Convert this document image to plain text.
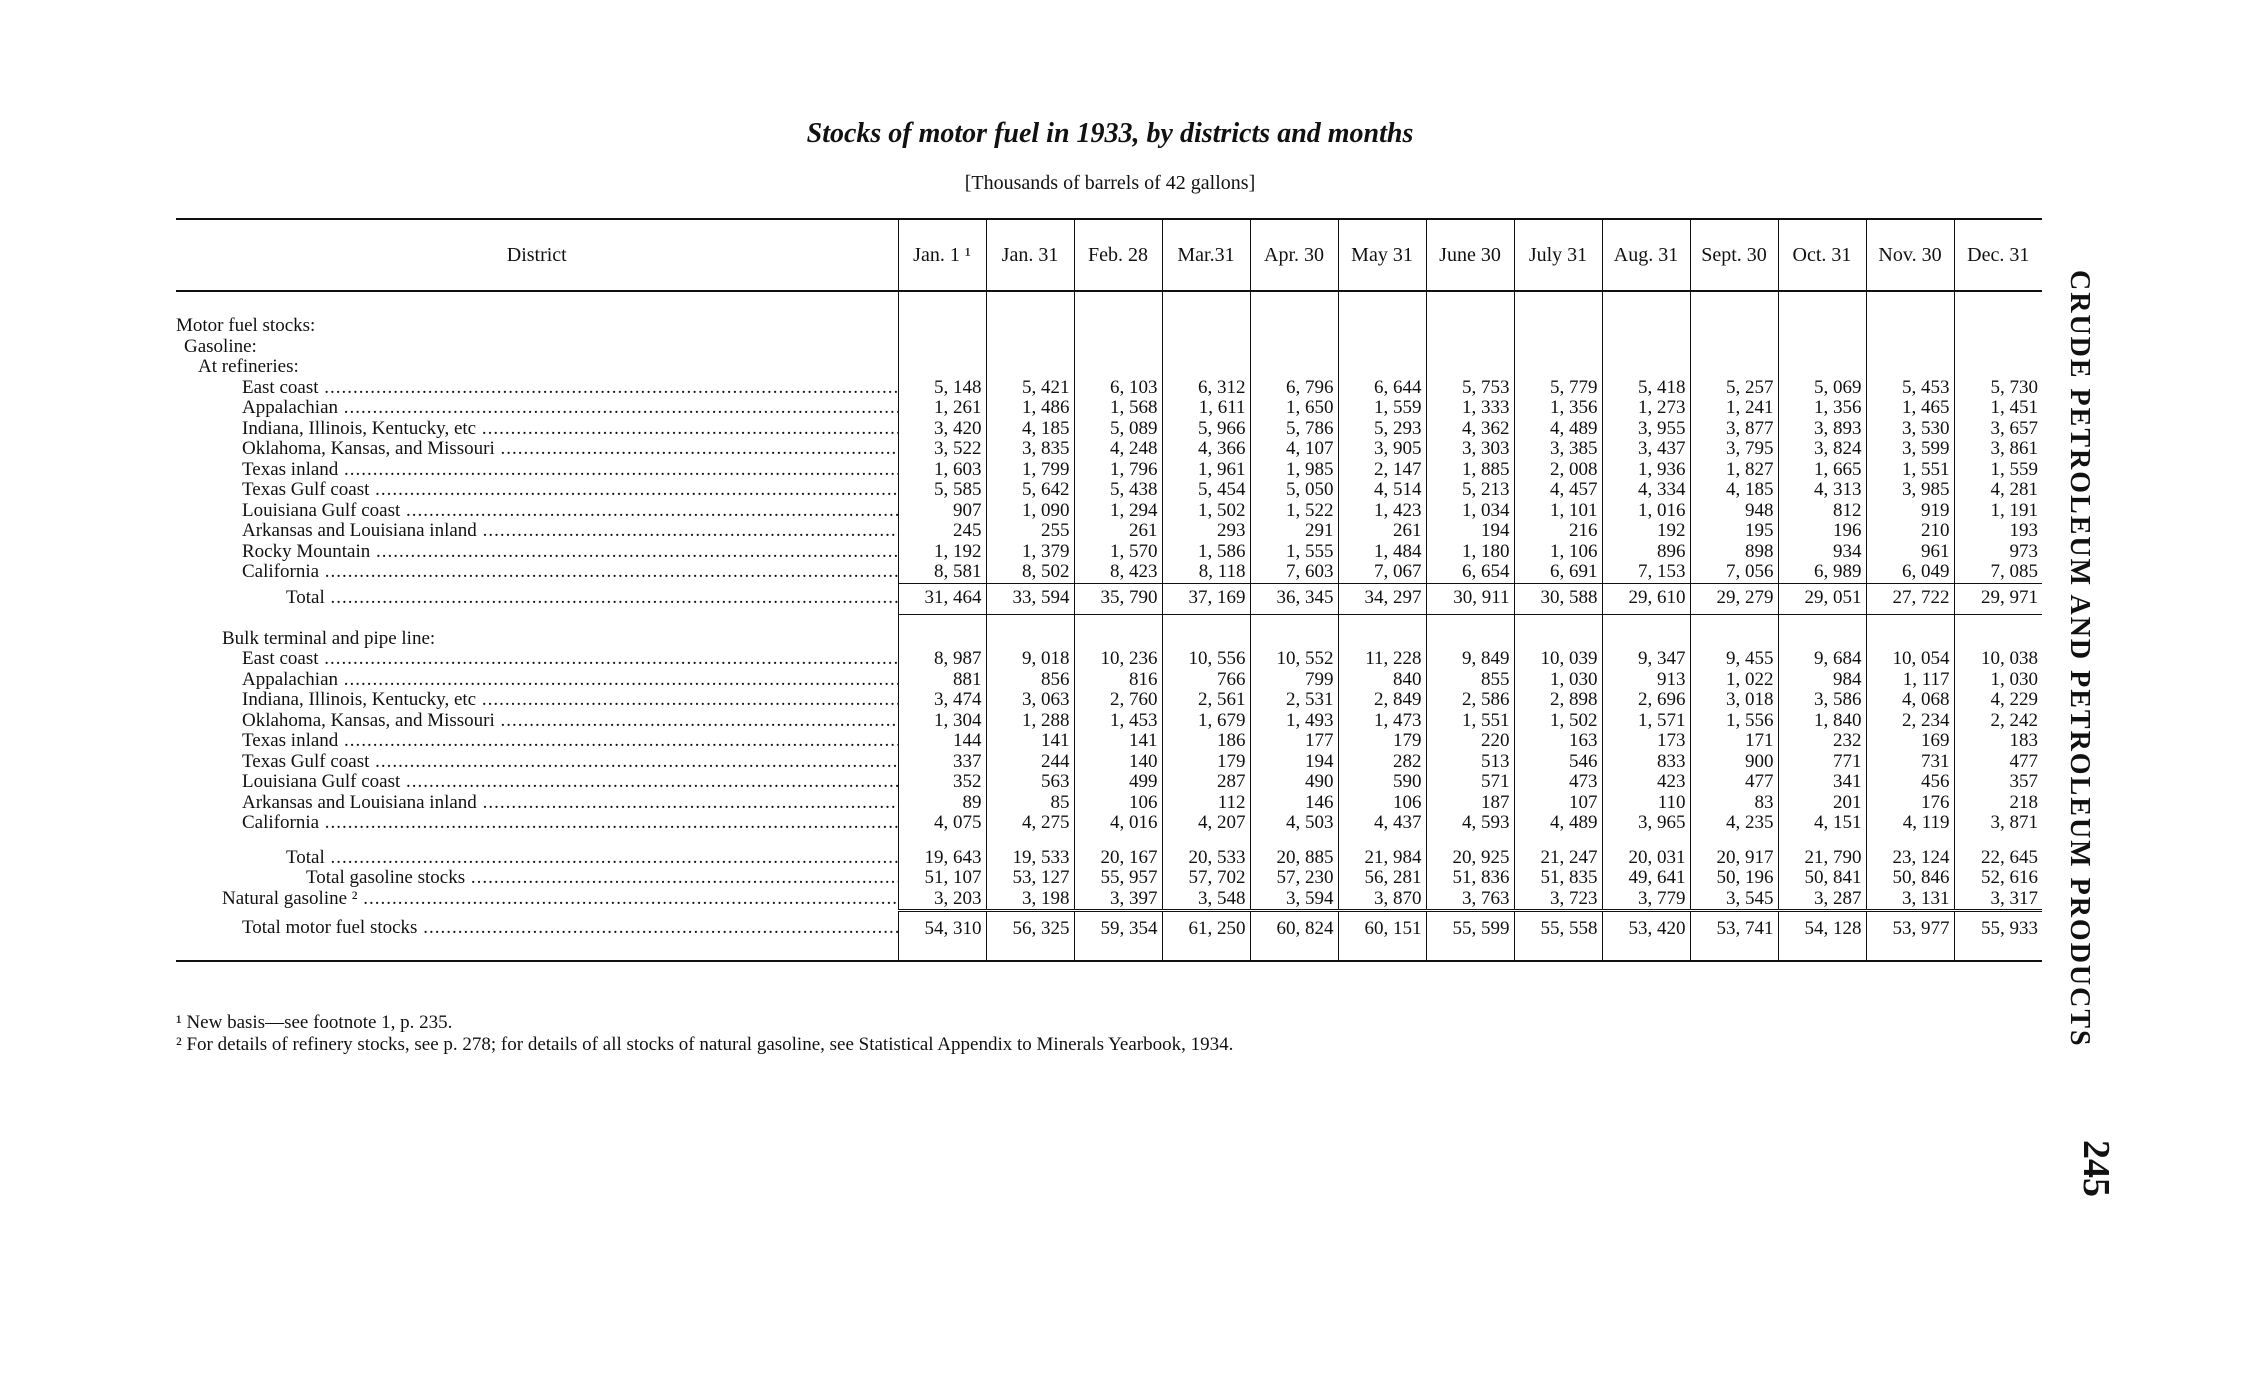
Stocks of motor fuel in 1933, by districts and months
[Thousands of barrels of 42 gallons]
District	Jan. 1 ¹	Jan. 31	Feb. 28	Mar.31	Apr. 30	May 31	June 30	July 31	Aug. 31	Sept. 30	Oct. 31	Nov. 30	Dec. 31

Motor fuel stocks:													
Gasoline:													
At refineries:													

East coast .....	5, 148	5, 421	6, 103	6, 312	6, 796	6, 644	5, 753	5, 779	5, 418	5, 257	5, 069	5, 453	5, 730

Appalachian .....	1, 261	1, 486	1, 568	1, 611	1, 650	1, 559	1, 333	1, 356	1, 273	1, 241	1, 356	1, 465	1, 451

Indiana, Illinois, Kentucky, etc .....	3, 420	4, 185	5, 089	5, 966	5, 786	5, 293	4, 362	4, 489	3, 955	3, 877	3, 893	3, 530	3, 657

Oklahoma, Kansas, and Missouri .....	3, 522	3, 835	4, 248	4, 366	4, 107	3, 905	3, 303	3, 385	3, 437	3, 795	3, 824	3, 599	3, 861

Texas inland .....	1, 603	1, 799	1, 796	1, 961	1, 985	2, 147	1, 885	2, 008	1, 936	1, 827	1, 665	1, 551	1, 559

Texas Gulf coast .....	5, 585	5, 642	5, 438	5, 454	5, 050	4, 514	5, 213	4, 457	4, 334	4, 185	4, 313	3, 985	4, 281

Louisiana Gulf coast .....	907	1, 090	1, 294	1, 502	1, 522	1, 423	1, 034	1, 101	1, 016	948	812	919	1, 191

Arkansas and Louisiana inland .....	245	255	261	293	291	261	194	216	192	195	196	210	193

Rocky Mountain .....	1, 192	1, 379	1, 570	1, 586	1, 555	1, 484	1, 180	1, 106	896	898	934	961	973

California .....	8, 581	8, 502	8, 423	8, 118	7, 603	7, 067	6, 654	6, 691	7, 153	7, 056	6, 989	6, 049	7, 085

Total .....	31, 464	33, 594	35, 790	37, 169	36, 345	34, 297	30, 911	30, 588	29, 610	29, 279	29, 051	27, 722	29, 971

Bulk terminal and pipe line:													

East coast .....	8, 987	9, 018	10, 236	10, 556	10, 552	11, 228	9, 849	10, 039	9, 347	9, 455	9, 684	10, 054	10, 038

Appalachian .....	881	856	816	766	799	840	855	1, 030	913	1, 022	984	1, 117	1, 030

Indiana, Illinois, Kentucky, etc .....	3, 474	3, 063	2, 760	2, 561	2, 531	2, 849	2, 586	2, 898	2, 696	3, 018	3, 586	4, 068	4, 229

Oklahoma, Kansas, and Missouri .....	1, 304	1, 288	1, 453	1, 679	1, 493	1, 473	1, 551	1, 502	1, 571	1, 556	1, 840	2, 234	2, 242

Texas inland .....	144	141	141	186	177	179	220	163	173	171	232	169	183

Texas Gulf coast .....	337	244	140	179	194	282	513	546	833	900	771	731	477

Louisiana Gulf coast .....	352	563	499	287	490	590	571	473	423	477	341	456	357

Arkansas and Louisiana inland .....	89	85	106	112	146	106	187	107	110	83	201	176	218

California .....	4, 075	4, 275	4, 016	4, 207	4, 503	4, 437	4, 593	4, 489	3, 965	4, 235	4, 151	4, 119	3, 871

Total .....	19, 643	19, 533	20, 167	20, 533	20, 885	21, 984	20, 925	21, 247	20, 031	20, 917	21, 790	23, 124	22, 645

Total gasoline stocks .....	51, 107	53, 127	55, 957	57, 702	57, 230	56, 281	51, 836	51, 835	49, 641	50, 196	50, 841	50, 846	52, 616

Natural gasoline ² .....	3, 203	3, 198	3, 397	3, 548	3, 594	3, 870	3, 763	3, 723	3, 779	3, 545	3, 287	3, 131	3, 317

Total motor fuel stocks .....	54, 310	56, 325	59, 354	61, 250	60, 824	60, 151	55, 599	55, 558	53, 420	53, 741	54, 128	53, 977	55, 933

¹ New basis—see footnote 1, p. 235.
² For details of refinery stocks, see p. 278; for details of all stocks of natural gasoline, see Statistical Appendix to Minerals Yearbook, 1934.	CRUDE PETROLEUM AND PETROLEUM PRODUCTS
245
